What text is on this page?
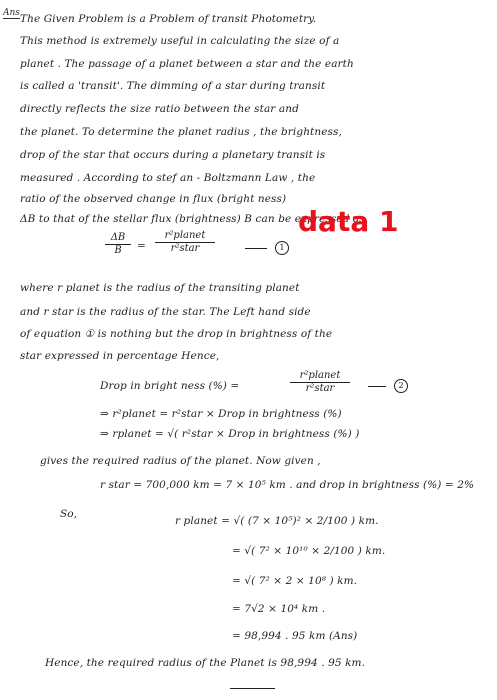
Ans The Given Problem is a Problem of transit Photometry.
This method is extremely useful in calculating the size of a
planet . The passage of a planet between a star and the earth
is called a 'transit'. The dimming of a star during transit
directly reflects the size ratio between the star and
the planet. To determine the planet radius , the brightness,
drop of the star that occurs during a planetary transit is
measured . According to stef an - Boltzmann Law , the
ratio of the observed change in flux (bright ness)
ΔB to that of the stellar flux (brightness) B can be expressed as,
ΔB
B =
r²planet
r²star	1
data 1
where r planet is the radius of the transiting planet
and r star is the radius of the star. The Left hand side
of equation ① is nothing but the drop in brightness of the
star expressed in percentage Hence,
Drop in bright ness (%) =
r²planet
r²star	2
⇒ r²planet = r²star × Drop in brightness (%)
⇒ rplanet = √( r²star × Drop in brightness (%) )
gives the required radius of the planet. Now given ,
r star = 700,000 km = 7 × 10⁵ km . and drop in brightness (%) = 2%
So,
r planet = √( (7 × 10⁵)² × 2/100 ) km.
= √( 7² × 10¹⁰ × 2/100 ) km.
= √( 7² × 2 × 10⁸ ) km.
= 7√2 × 10⁴ km .
= 98,994 . 95 km (Ans)
Hence, the required radius of the Planet is 98,994 . 95 km.
